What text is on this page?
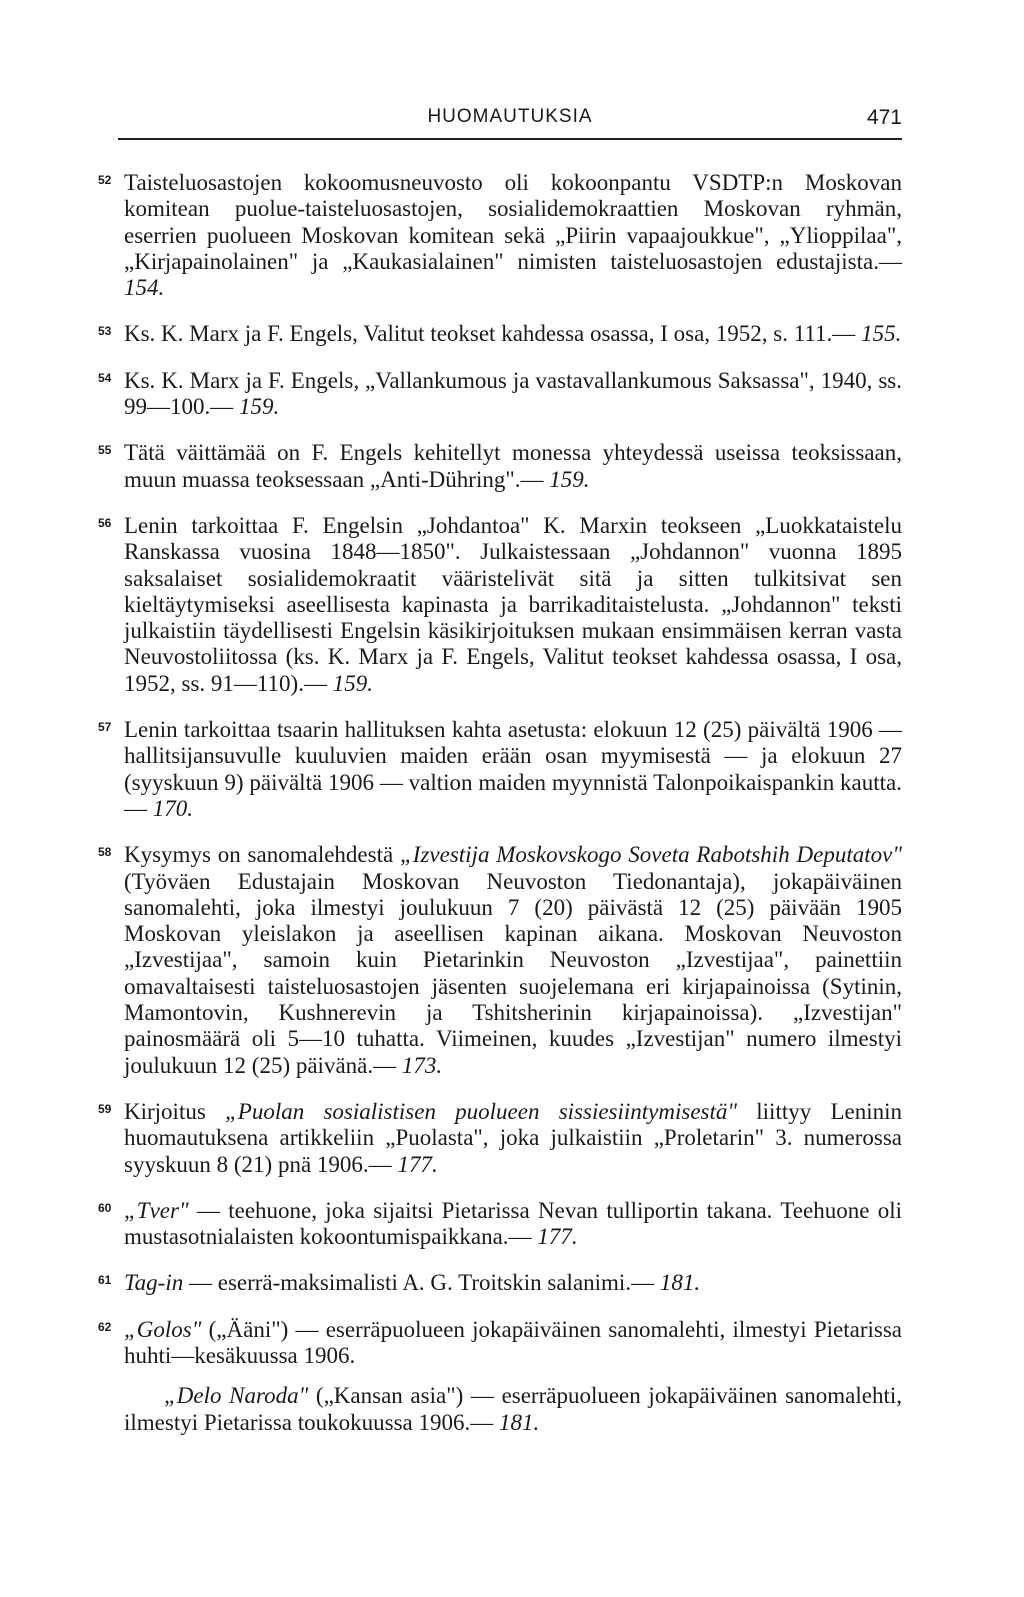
HUOMAUTUKSIA	471
52 Taisteluosastojen kokoomusneuvosto oli kokoonpantu VSDTP:n Moskovan komitean puolue-taisteluosastojen, sosialidemokraattien Moskovan ryhmän, eserrien puolueen Moskovan komitean sekä „Piirin vapaajoukkue", „Ylioppilaa", „Kirjapainolainen" ja „Kaukasialainen" nimisten taisteluosastojen edustajista.— 154.
53 Ks. K. Marx ja F. Engels, Valitut teokset kahdessa osassa, I osa, 1952, s. 111.— 155.
54 Ks. K. Marx ja F. Engels, „Vallankumous ja vastavallankumous Saksassa", 1940, ss. 99—100.— 159.
55 Tätä väittämää on F. Engels kehitellyt monessa yhteydessä useissa teoksissaan, muun muassa teoksessaan „Anti-Dühring".— 159.
56 Lenin tarkoittaa F. Engelsin „Johdantoa" K. Marxin teokseen „Luokkataistelu Ranskassa vuosina 1848—1850". Julkaistessaan „Johdannon" vuonna 1895 saksalaiset sosialidemokraatit vääristelivät sitä ja sitten tulkitsivat sen kieltäytymiseksi aseellisesta kapinasta ja barrikaditaistelusta. „Johdannon" teksti julkaistiin täydellisesti Engelsin käsikirjoituksen mukaan ensimmäisen kerran vasta Neuvostoliitossa (ks. K. Marx ja F. Engels, Valitut teokset kahdessa osassa, I osa, 1952, ss. 91—110).— 159.
57 Lenin tarkoittaa tsaarin hallituksen kahta asetusta: elokuun 12 (25) päivältä 1906 — hallitsijansuvulle kuuluvien maiden erään osan myymisestä — ja elokuun 27 (syyskuun 9) päivältä 1906 — valtion maiden myynnistä Talonpoikaispankin kautta.— 170.
58 Kysymys on sanomalehdestä „Izvestija Moskovskogo Soveta Rabotshih Deputatov" (Työväen Edustajain Moskovan Neuvoston Tiedonantaja), jokapäiväinen sanomalehti, joka ilmestyi joulukuun 7 (20) päivästä 12 (25) päivään 1905 Moskovan yleislakon ja aseellisen kapinan aikana. Moskovan Neuvoston „Izvestijaa", samoin kuin Pietarinkin Neuvoston „Izvestijaa", painettiin omavaltaisesti taisteluosastojen jäsenten suojelemana eri kirjapainoissa (Sytinin, Mamontovin, Kushnerevin ja Tshitsherinin kirjapainoissa). „Izvestijan" painosmäärä oli 5—10 tuhatta. Viimeinen, kuudes „Izvestijan" numero ilmestyi joulukuun 12 (25) päivänä.— 173.
59 Kirjoitus „Puolan sosialistisen puolueen sissiesiintymisestä" liittyy Leninin huomautuksena artikkeliin „Puolasta", joka julkaistiin „Proletarin" 3. numerossa syyskuun 8 (21) pnä 1906.— 177.
60 „Tver" — teehuone, joka sijaitsi Pietarissa Nevan tulliportin takana. Teehuone oli mustasotnialaisten kokoontumispaikkana.— 177.
61 Tag-in — eserrä-maksimalisti A. G. Troitskin salanimi.— 181.
62 „Golos" („Ääni") — eserräpuolueen jokapäiväinen sanomalehti, ilmestyi Pietarissa huhti—kesäkuussa 1906.
„Delo Naroda" („Kansan asia") — eserräpuolueen jokapäiväinen sanomalehti, ilmestyi Pietarissa toukokuussa 1906.— 181.
